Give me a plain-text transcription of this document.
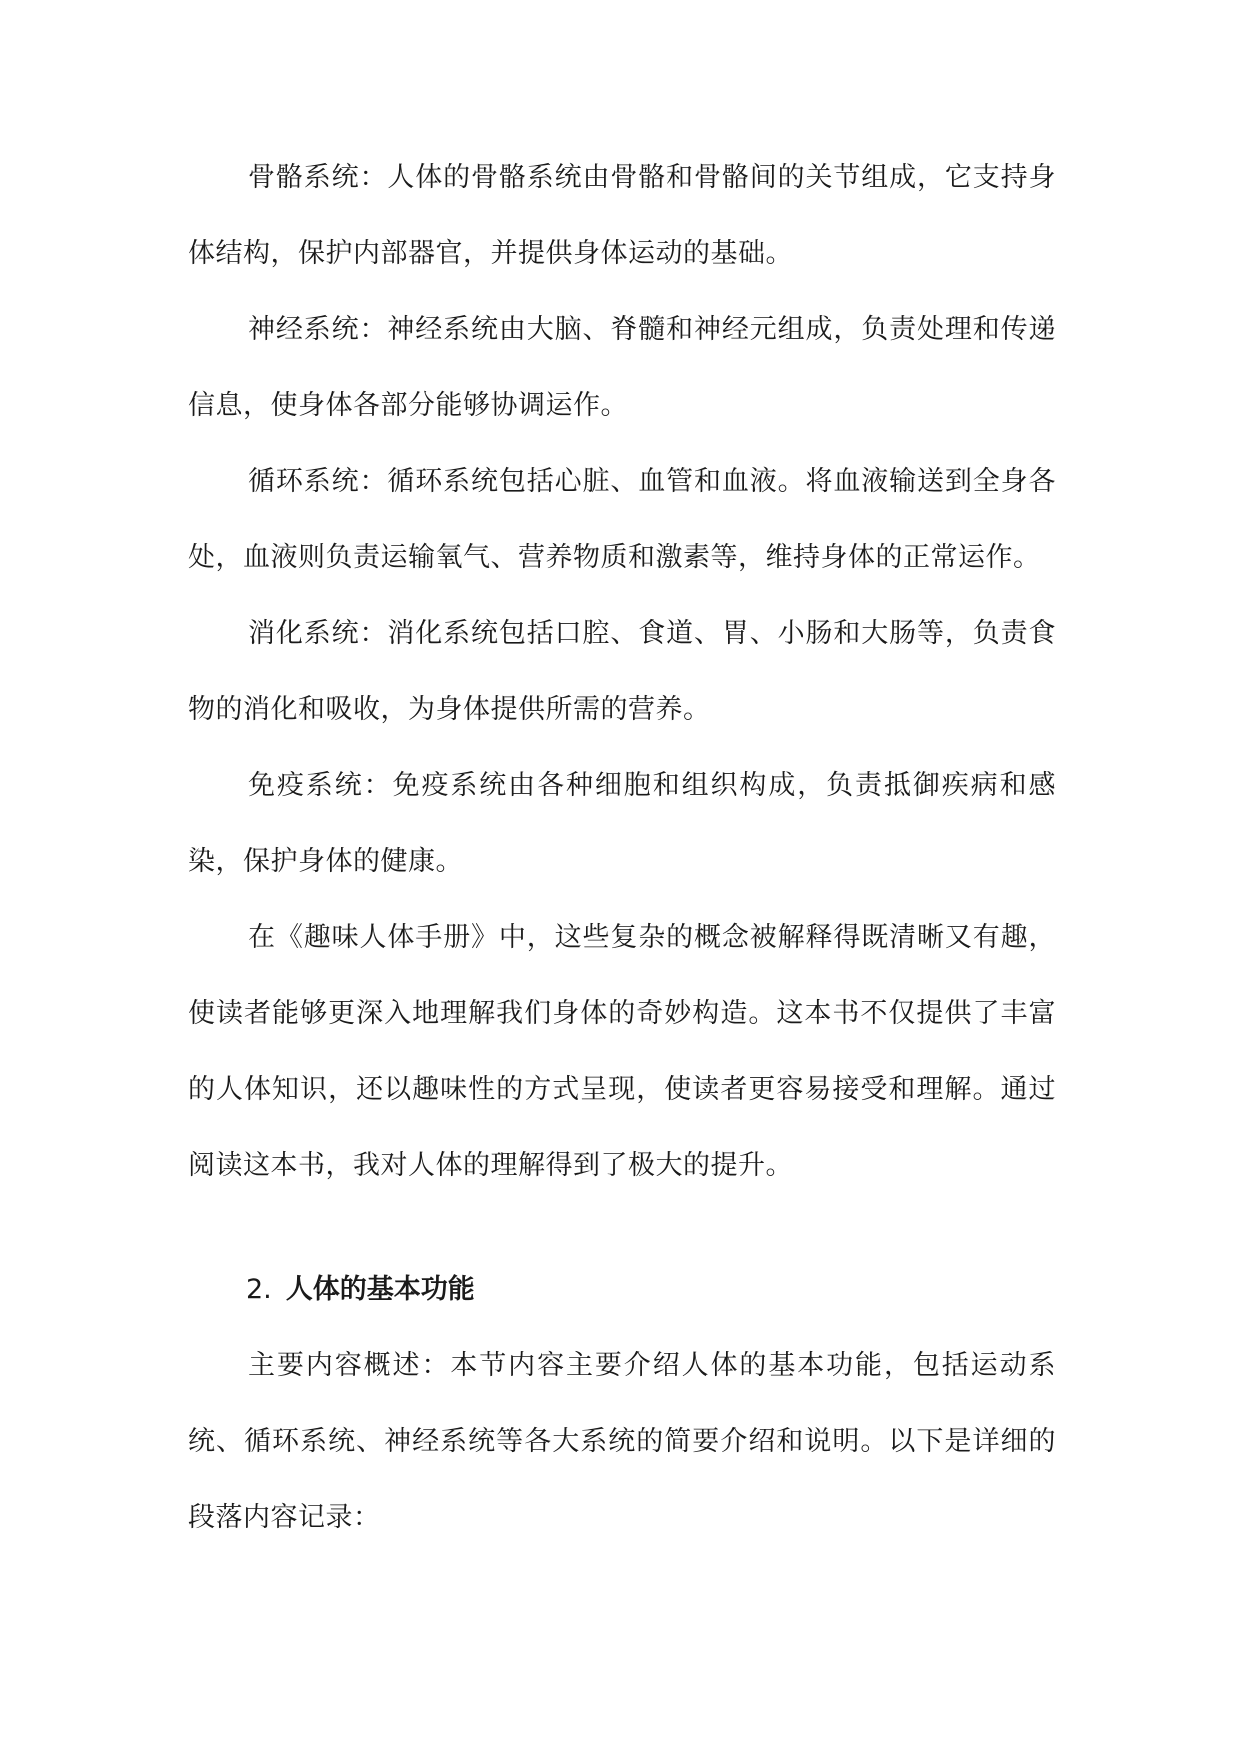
骨骼系统：人体的骨骼系统由骨骼和骨骼间的关节组成，它支持身体结构，保护内部器官，并提供身体运动的基础。

神经系统：神经系统由大脑、脊髓和神经元组成，负责处理和传递信息，使身体各部分能够协调运作。

循环系统：循环系统包括心脏、血管和血液。将血液输送到全身各处，血液则负责运输氧气、营养物质和激素等，维持身体的正常运作。

消化系统：消化系统包括口腔、食道、胃、小肠和大肠等，负责食物的消化和吸收，为身体提供所需的营养。

免疫系统：免疫系统由各种细胞和组织构成，负责抵御疾病和感染，保护身体的健康。

在《趣味人体手册》中，这些复杂的概念被解释得既清晰又有趣，使读者能够更深入地理解我们身体的奇妙构造。这本书不仅提供了丰富的人体知识，还以趣味性的方式呈现，使读者更容易接受和理解。通过阅读这本书，我对人体的理解得到了极大的提升。

2. 人体的基本功能

主要内容概述：本节内容主要介绍人体的基本功能，包括运动系统、循环系统、神经系统等各大系统的简要介绍和说明。以下是详细的段落内容记录：
